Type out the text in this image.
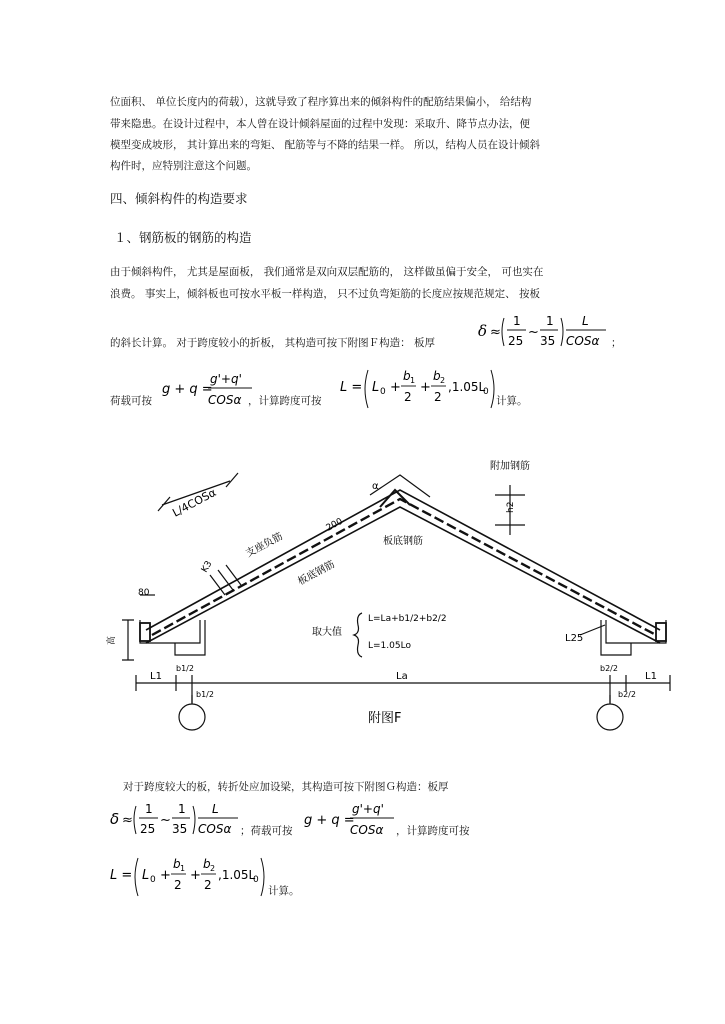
位面积、 单位长度内的荷载），这就导致了程序算出来的倾斜构件的配筋结果偏小， 给结构
带来隐患。在设计过程中，本人曾在设计倾斜屋面的过程中发现：采取升、降节点办法，便
模型变成坡形， 其计算出来的弯矩、 配筋等与不降的结果一样。 所以，结构人员在设计倾斜
构件时，应特别注意这个问题。
四、倾斜构件的构造要求
１、钢筋板的钢筋的构造
由于倾斜构件， 尤其是屋面板， 我们通常是双向双层配筋的， 这样做虽偏于安全， 可也实在
浪费。 事实上，倾斜板也可按水平板一样构造， 只不过负弯矩筋的长度应按规范规定、 按板
的斜长计算。 对于跨度较小的折板， 其构造可按下附图Ｆ构造： 板厚
δ ≈
1
25
~
1
35
L
COSα ；
荷载可按
g + q =
g'+q'
COSα ，计算跨度可按
L = L 0 +
b 1
2
+
b 2
2
,1.05L
0
计算。
L/4COSα
支座负筋
K3	板底钢筋
板底钢筋
200
α
附加钢筋
h2
80
高	L25
取大值
L=La+b1/2+b2/2
L=1.05Lo
L1
b1/2
b1/2
La
b2/2
b2/2
L1
附图F
对于跨度较大的板，转折处应加设梁，其构造可按下附图Ｇ构造：板厚
δ ≈
1
25
~
1
35
L
COSα ；荷载可按
g + q =
g'+q'
COSα ，计算跨度可按
L = L 0 +
b 1
2
+
b 2
2
,1.05L
0
计算。
